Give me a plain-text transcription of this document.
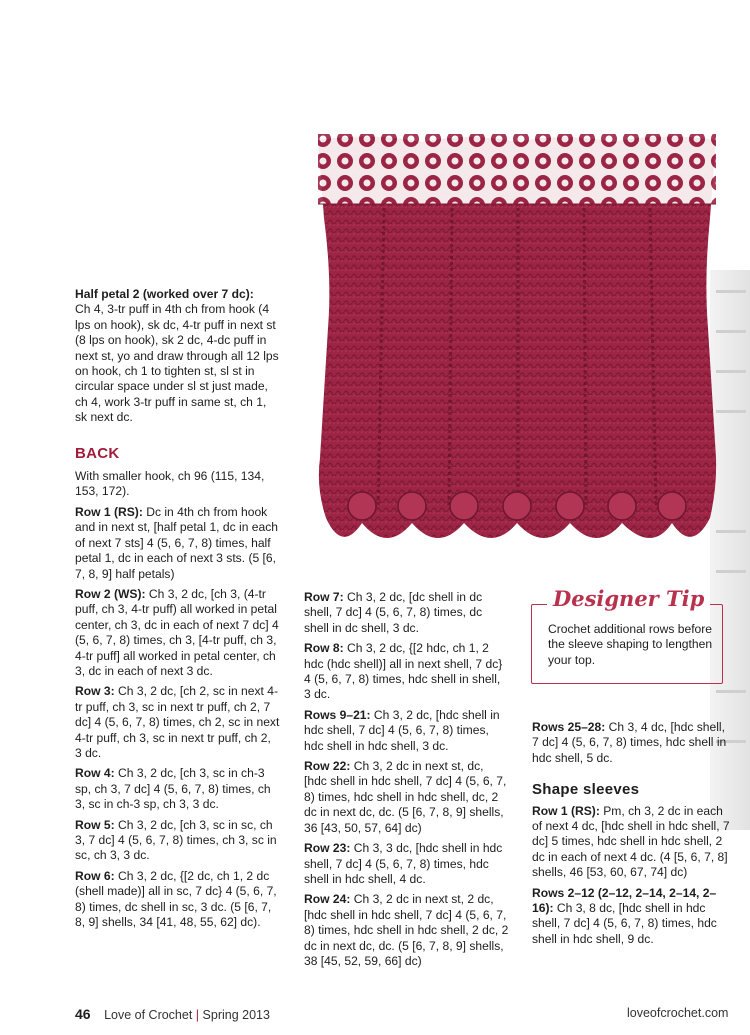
Half petal 2 (worked over 7 dc):
Ch 4, 3-tr puff in 4th ch from hook (4 lps on hook), sk dc, 4-tr puff in next st (8 lps on hook), sk 2 dc, 4-dc puff in next st, yo and draw through all 12 lps on hook, ch 1 to tighten st, sl st in circular space under sl st just made, ch 4, work 3-tr puff in same st, ch 1, sk next dc.

BACK

With smaller hook, ch 96 (115, 134, 153, 172).

Row 1 (RS): Dc in 4th ch from hook and in next st, [half petal 1, dc in each of next 7 sts] 4 (5, 6, 7, 8) times, half petal 1, dc in each of next 3 sts. (5 [6, 7, 8, 9] half petals)

Row 2 (WS): Ch 3, 2 dc, [ch 3, (4-tr puff, ch 3, 4-tr puff) all worked in petal center, ch 3, dc in each of next 7 dc] 4 (5, 6, 7, 8) times, ch 3, [4-tr puff, ch 3, 4-tr puff] all worked in petal center, ch 3, dc in each of next 3 dc.

Row 3: Ch 3, 2 dc, [ch 2, sc in next 4-tr puff, ch 3, sc in next tr puff, ch 2, 7 dc] 4 (5, 6, 7, 8) times, ch 2, sc in next 4-tr puff, ch 3, sc in next tr puff, ch 2, 3 dc.

Row 4: Ch 3, 2 dc, [ch 3, sc in ch-3 sp, ch 3, 7 dc] 4 (5, 6, 7, 8) times, ch 3, sc in ch-3 sp, ch 3, 3 dc.

Row 5: Ch 3, 2 dc, [ch 3, sc in sc, ch 3, 7 dc] 4 (5, 6, 7, 8) times, ch 3, sc in sc, ch 3, 3 dc.

Row 6: Ch 3, 2 dc, {[2 dc, ch 1, 2 dc (shell made)] all in sc, 7 dc} 4 (5, 6, 7, 8) times, dc shell in sc, 3 dc. (5 [6, 7, 8, 9] shells, 34 [41, 48, 55, 62] dc).

Row 7: Ch 3, 2 dc, [dc shell in dc shell, 7 dc] 4 (5, 6, 7, 8) times, dc shell in dc shell, 3 dc.

Row 8: Ch 3, 2 dc, {[2 hdc, ch 1, 2 hdc (hdc shell)] all in next shell, 7 dc} 4 (5, 6, 7, 8) times, hdc shell in shell, 3 dc.

Rows 9–21: Ch 3, 2 dc, [hdc shell in hdc shell, 7 dc] 4 (5, 6, 7, 8) times, hdc shell in hdc shell, 3 dc.

Row 22: Ch 3, 2 dc in next st, dc, [hdc shell in hdc shell, 7 dc] 4 (5, 6, 7, 8) times, hdc shell in hdc shell, dc, 2 dc in next dc, dc. (5 [6, 7, 8, 9] shells, 36 [43, 50, 57, 64] dc)

Row 23: Ch 3, 3 dc, [hdc shell in hdc shell, 7 dc] 4 (5, 6, 7, 8) times, hdc shell in hdc shell, 4 dc.

Row 24: Ch 3, 2 dc in next st, 2 dc, [hdc shell in hdc shell, 7 dc] 4 (5, 6, 7, 8) times, hdc shell in hdc shell, 2 dc, 2 dc in next dc, dc. (5 [6, 7, 8, 9] shells, 38 [45, 52, 59, 66] dc)

Designer Tip
Crochet additional rows before the sleeve shaping to lengthen your top.

Rows 25–28: Ch 3, 4 dc, [hdc shell, 7 dc] 4 (5, 6, 7, 8) times, hdc shell in hdc shell, 5 dc.

Shape sleeves

Row 1 (RS): Pm, ch 3, 2 dc in each of next 4 dc, [hdc shell in hdc shell, 7 dc] 5 times, hdc shell in hdc shell, 2 dc in each of next 4 dc. (4 [5, 6, 7, 8] shells, 46 [53, 60, 67, 74] dc)

Rows 2–12 (2–12, 2–14, 2–14, 2–16): Ch 3, 8 dc, [hdc shell in hdc shell, 7 dc] 4 (5, 6, 7, 8) times, hdc shell in hdc shell, 9 dc.

46 Love of Crochet | Spring 2013	loveofcrochet.com
